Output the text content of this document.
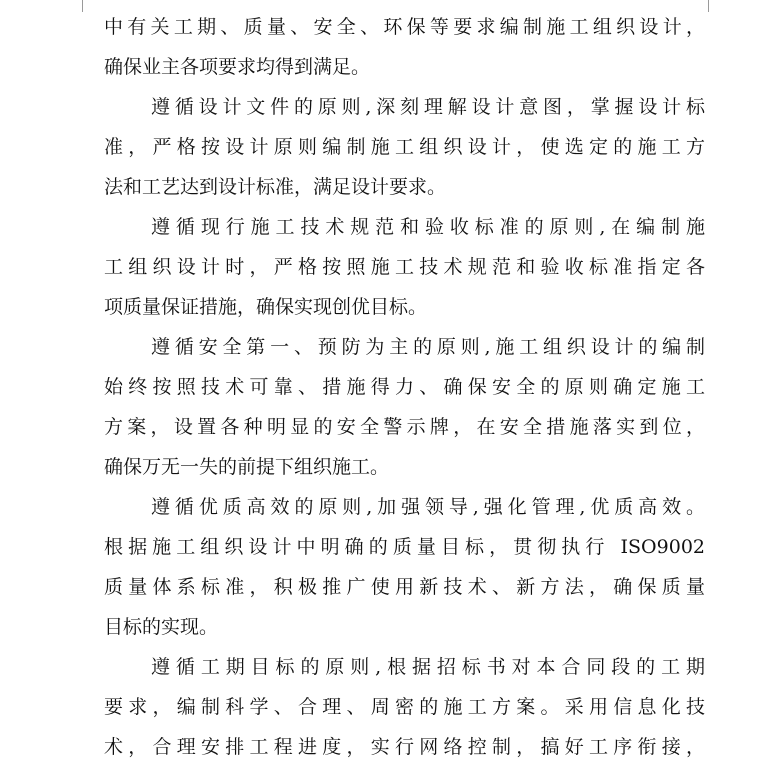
中有关工期、质量、安全、环保等要求编制施工组织设计，
确保业主各项要求均得到满足。
遵循设计文件的原则,深刻理解设计意图，掌握设计标
准，严格按设计原则编制施工组织设计，使选定的施工方
法和工艺达到设计标准，满足设计要求。
遵循现行施工技术规范和验收标准的原则,在编制施
工组织设计时，严格按照施工技术规范和验收标准指定各
项质量保证措施，确保实现创优目标。
遵循安全第一、预防为主的原则,施工组织设计的编制
始终按照技术可靠、措施得力、确保安全的原则确定施工
方案，设置各种明显的安全警示牌，在安全措施落实到位，
确保万无一失的前提下组织施工。
遵循优质高效的原则,加强领导,强化管理,优质高效。
根据施工组织设计中明确的质量目标，贯彻执行 ISO9002
质量体系标准，积极推广使用新技术、新方法，确保质量
目标的实现。
遵循工期目标的原则,根据招标书对本合同段的工期
要求，编制科学、合理、周密的施工方案。采用信息化技
术，合理安排工程进度，实行网络控制，搞好工序衔接，
